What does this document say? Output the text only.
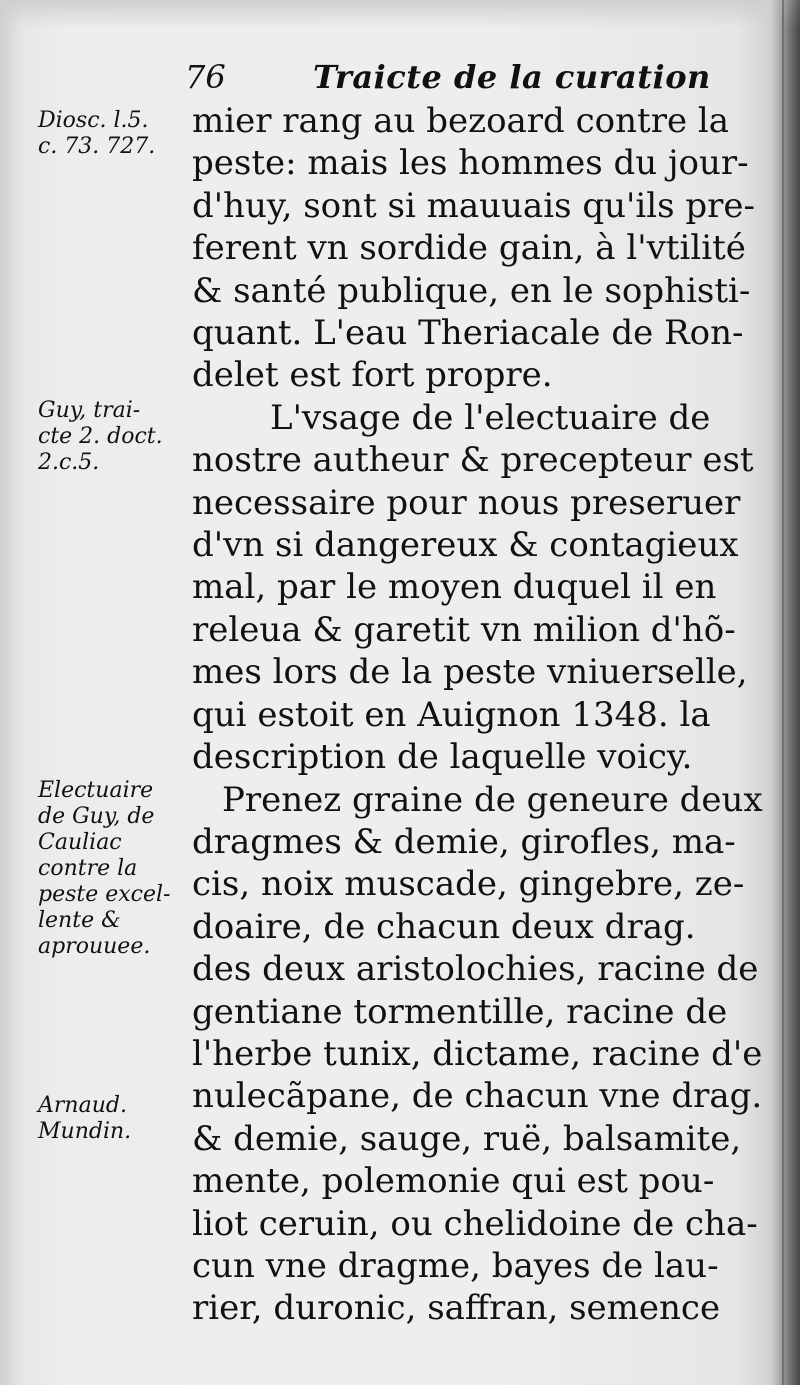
76	Traicte de la curation
Diosc. l.5.
c. 73. 727.
Guy, trai-
cte 2. doct.
2.c.5.
Electuaire
de Guy, de
Cauliac
contre la
peste excel-
lente &
aprouuee.
Arnaud.
Mundin.
mier rang au bezoard contre la
peste: mais les hommes du jour-
d'huy, sont si mauuais qu'ils pre-
ferent vn sordide gain, à l'vtilité
& santé publique, en le sophisti-
quant. L'eau Theriacale de Ron-
delet est fort propre.
L'vsage de l'electuaire de
nostre autheur & precepteur est
necessaire pour nous preseruer
d'vn si dangereux & contagieux
mal, par le moyen duquel il en
releua & garetit vn milion d'hõ-
mes lors de la peste vniuerselle,
qui estoit en Auignon 1348. la
description de laquelle voicy.
Prenez graine de geneure deux
dragmes & demie, girofles, ma-
cis, noix muscade, gingebre, ze-
doaire, de chacun deux drag.
des deux aristolochies, racine de
gentiane tormentille, racine de
l'herbe tunix, dictame, racine d'e
nulecãpane, de chacun vne drag.
& demie, sauge, ruë, balsamite,
mente, polemonie qui est pou-
liot ceruin, ou chelidoine de cha-
cun vne dragme, bayes de lau-
rier, duronic, saffran, semence
